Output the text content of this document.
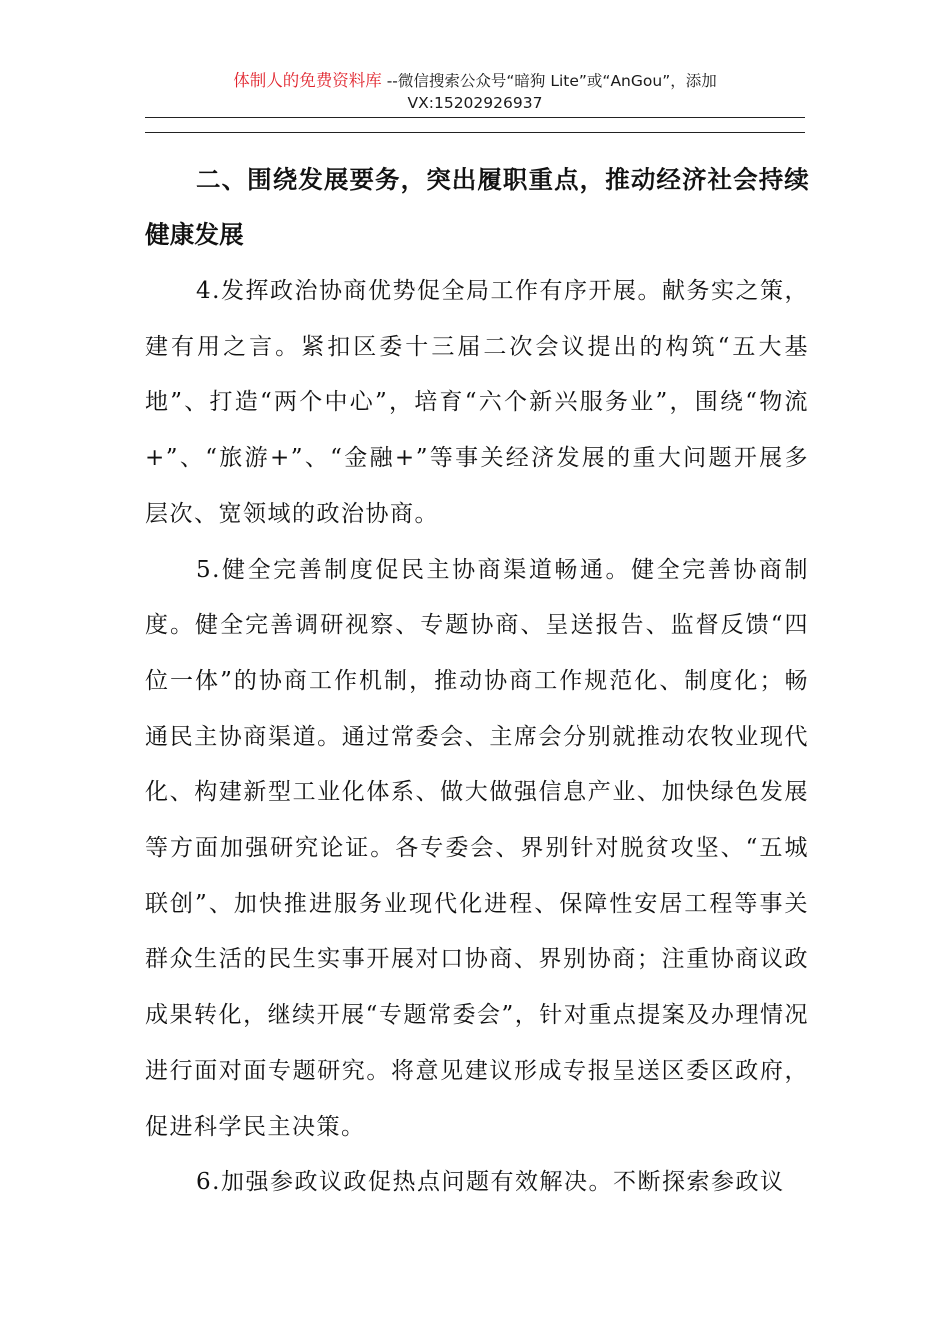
体制人的免费资料库 --微信搜索公众号“暗狗 Lite”或“AnGou”，添加
VX:15202926937

二、围绕发展要务，突出履职重点，推动经济社会持续健康发展

4.发挥政治协商优势促全局工作有序开展。献务实之策，建有用之言。紧扣区委十三届二次会议提出的构筑“五大基地”、打造“两个中心”，培育“六个新兴服务业”，围绕“物流+”、“旅游+”、“金融+”等事关经济发展的重大问题开展多层次、宽领域的政治协商。

5.健全完善制度促民主协商渠道畅通。健全完善协商制度。健全完善调研视察、专题协商、呈送报告、监督反馈“四位一体”的协商工作机制，推动协商工作规范化、制度化；畅通民主协商渠道。通过常委会、主席会分别就推动农牧业现代化、构建新型工业化体系、做大做强信息产业、加快绿色发展等方面加强研究论证。各专委会、界别针对脱贫攻坚、“五城联创”、加快推进服务业现代化进程、保障性安居工程等事关群众生活的民生实事开展对口协商、界别协商；注重协商议政成果转化，继续开展“专题常委会”，针对重点提案及办理情况进行面对面专题研究。将意见建议形成专报呈送区委区政府，促进科学民主决策。

6.加强参政议政促热点问题有效解决。不断探索参政议
